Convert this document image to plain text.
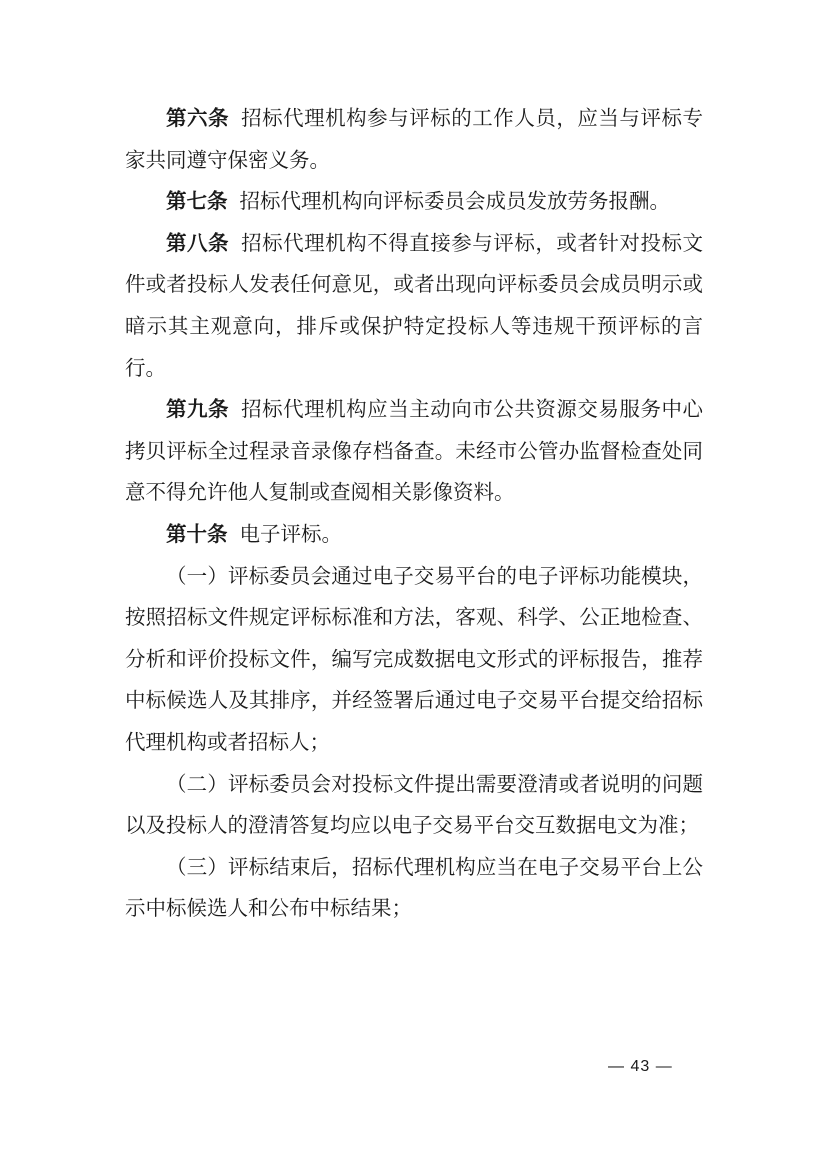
第六条 招标代理机构参与评标的工作人员，应当与评标专家共同遵守保密义务。

第七条 招标代理机构向评标委员会成员发放劳务报酬。

第八条 招标代理机构不得直接参与评标，或者针对投标文件或者投标人发表任何意见，或者出现向评标委员会成员明示或暗示其主观意向，排斥或保护特定投标人等违规干预评标的言行。

第九条 招标代理机构应当主动向市公共资源交易服务中心拷贝评标全过程录音录像存档备查。未经市公管办监督检查处同意不得允许他人复制或查阅相关影像资料。

第十条 电子评标。

（一）评标委员会通过电子交易平台的电子评标功能模块，按照招标文件规定评标标准和方法，客观、科学、公正地检查、分析和评价投标文件，编写完成数据电文形式的评标报告，推荐中标候选人及其排序，并经签署后通过电子交易平台提交给招标代理机构或者招标人；

（二）评标委员会对投标文件提出需要澄清或者说明的问题以及投标人的澄清答复均应以电子交易平台交互数据电文为准；

（三）评标结束后，招标代理机构应当在电子交易平台上公示中标候选人和公布中标结果；

— 43 —
